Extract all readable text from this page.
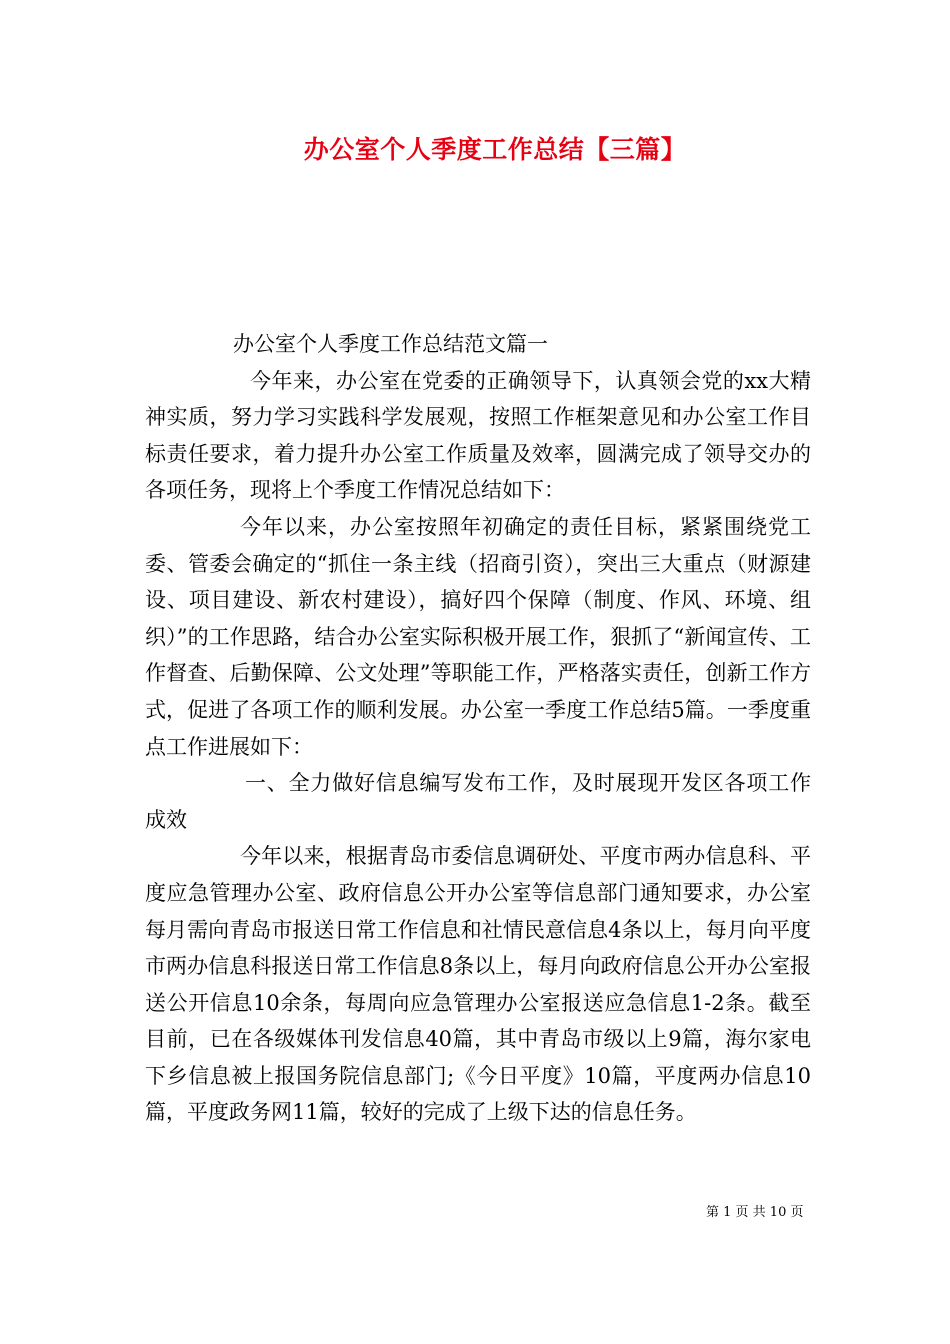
办公室个人季度工作总结【三篇】

办公室个人季度工作总结范文篇一

今年来，办公室在党委的正确领导下，认真领会党的xx大精神实质，努力学习实践科学发展观，按照工作框架意见和办公室工作目标责任要求，着力提升办公室工作质量及效率，圆满完成了领导交办的各项任务，现将上个季度工作情况总结如下：

今年以来，办公室按照年初确定的责任目标，紧紧围绕党工委、管委会确定的“抓住一条主线（招商引资），突出三大重点（财源建设、项目建设、新农村建设），搞好四个保障（制度、作风、环境、组织）”的工作思路，结合办公室实际积极开展工作，狠抓了“新闻宣传、工作督查、后勤保障、公文处理”等职能工作，严格落实责任，创新工作方式，促进了各项工作的顺利发展。办公室一季度工作总结5篇。一季度重点工作进展如下：

一、全力做好信息编写发布工作，及时展现开发区各项工作成效

今年以来，根据青岛市委信息调研处、平度市两办信息科、平度应急管理办公室、政府信息公开办公室等信息部门通知要求，办公室每月需向青岛市报送日常工作信息和社情民意信息4条以上，每月向平度市两办信息科报送日常工作信息8条以上，每月向政府信息公开办公室报送公开信息10余条，每周向应急管理办公室报送应急信息1-2条。截至目前，已在各级媒体刊发信息40篇，其中青岛市级以上9篇，海尔家电下乡信息被上报国务院信息部门;《今日平度》10篇，平度两办信息10篇，平度政务网11篇，较好的完成了上级下达的信息任务。

第 1 页 共 10 页
